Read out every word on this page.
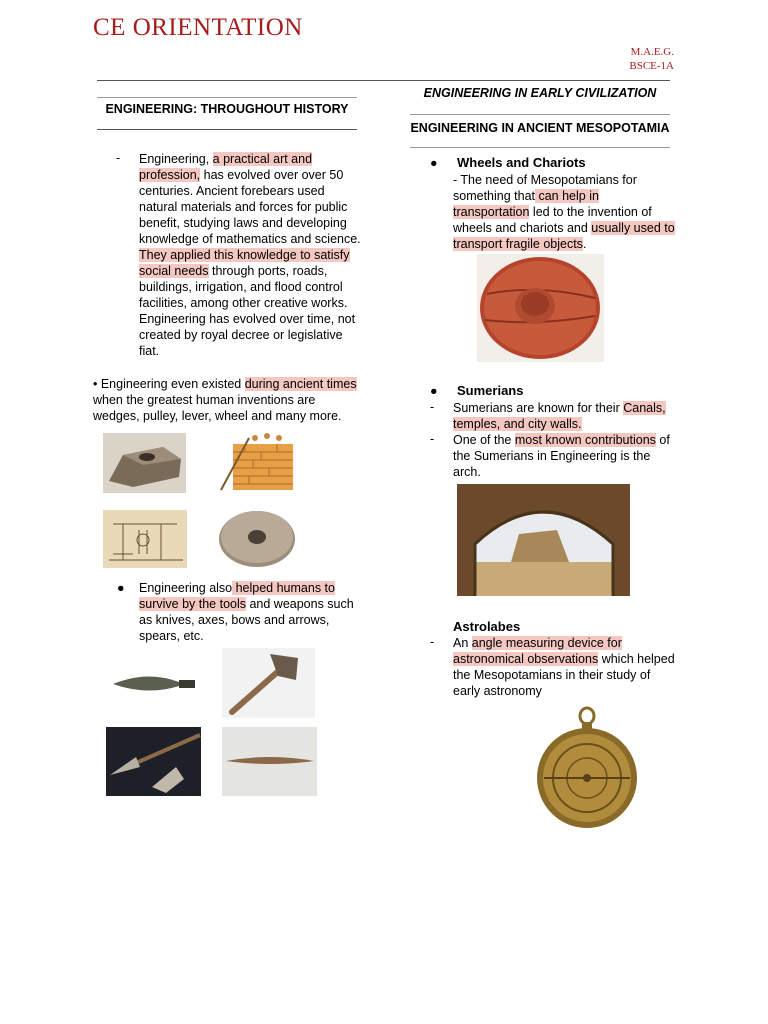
CE ORIENTATION
M.A.E.G.
BSCE-1A
ENGINEERING: THROUGHOUT HISTORY
- Engineering, a practical art and profession, has evolved over over 50 centuries. Ancient forebears used natural materials and forces for public benefit, studying laws and developing knowledge of mathematics and science. They applied this knowledge to satisfy social needs through ports, roads, buildings, irrigation, and flood control facilities, among other creative works. Engineering has evolved over time, not created by royal decree or legislative fiat.
• Engineering even existed during ancient times when the greatest human inventions are wedges, pulley, lever, wheel and many more.
● Engineering also helped humans to survive by the tools and weapons such as knives, axes, bows and arrows, spears, etc.
ENGINEERING IN EARLY CIVILIZATION
ENGINEERING IN ANCIENT MESOPOTAMIA
● Wheels and Chariots
- The need of Mesopotamians for something that can help in transportation led to the invention of wheels and chariots and usually used to transport fragile objects.
● Sumerians
- Sumerians are known for their Canals, temples, and city walls.
- One of the most known contributions of the Sumerians in Engineering is the arch.
Astrolabes
- An angle measuring device for astronomical observations which helped the Mesopotamians in their study of early astronomy
